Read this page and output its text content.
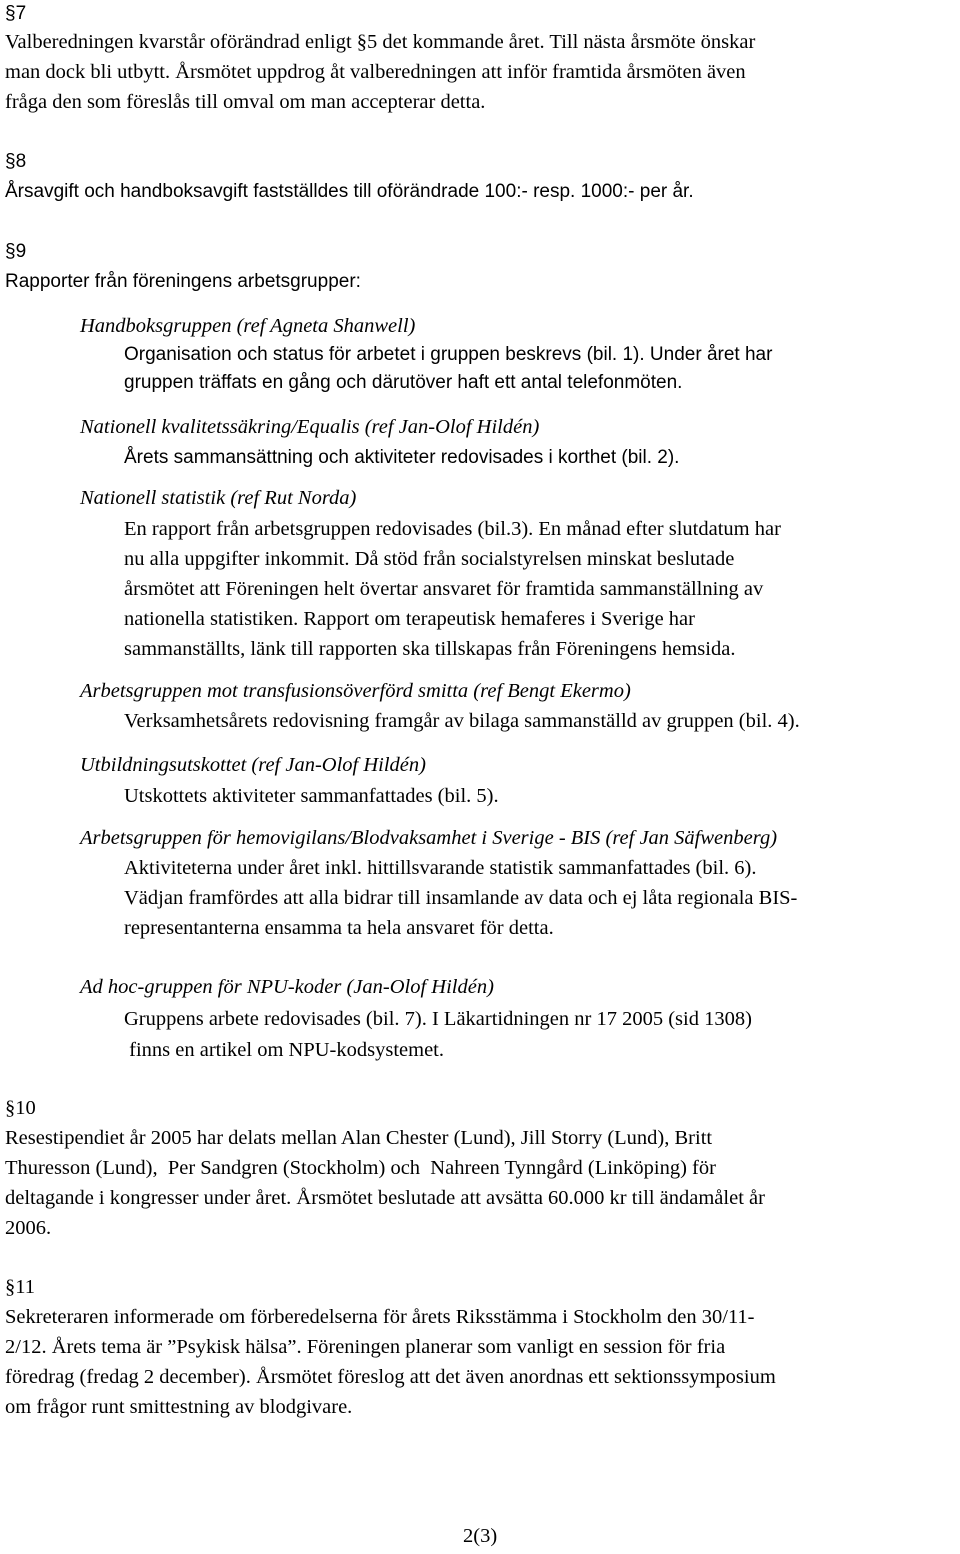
§7
Valberedningen kvarstår oförändrad enligt §5 det kommande året. Till nästa årsmöte önskar
man dock bli utbytt. Årsmötet uppdrog åt valberedningen att inför framtida årsmöten även
fråga den som föreslås till omval om man accepterar detta.
§8
Årsavgift och handboksavgift fastställdes till oförändrade 100:- resp. 1000:- per år.
§9
Rapporter från föreningens arbetsgrupper:
Handboksgruppen (ref Agneta Shanwell)
Organisation och status för arbetet i gruppen beskrevs (bil. 1). Under året har
gruppen träffats en gång och därutöver haft ett antal telefonmöten.
Nationell kvalitetssäkring/Equalis (ref Jan-Olof Hildén)
Årets sammansättning och aktiviteter redovisades i korthet (bil. 2).
Nationell statistik (ref Rut Norda)
En rapport från arbetsgruppen redovisades (bil.3). En månad efter slutdatum har
nu alla uppgifter inkommit. Då stöd från socialstyrelsen minskat beslutade
årsmötet att Föreningen helt övertar ansvaret för framtida sammanställning av
nationella statistiken. Rapport om terapeutisk hemaferes i Sverige har
sammanställts, länk till rapporten ska tillskapas från Föreningens hemsida.
Arbetsgruppen mot transfusionsöverförd smitta (ref Bengt Ekermo)
Verksamhetsårets redovisning framgår av bilaga sammanställd av gruppen (bil. 4).
Utbildningsutskottet (ref Jan-Olof Hildén)
Utskottets aktiviteter sammanfattades (bil. 5).
Arbetsgruppen för hemovigilans/Blodvaksamhet i Sverige - BIS (ref Jan Säfwenberg)
Aktiviteterna under året inkl. hittillsvarande statistik sammanfattades (bil. 6).
Vädjan framfördes att alla bidrar till insamlande av data och ej låta regionala BIS-
representanterna ensamma ta hela ansvaret för detta.
Ad hoc-gruppen för NPU-koder (Jan-Olof Hildén)
Gruppens arbete redovisades (bil. 7). I Läkartidningen nr 17 2005 (sid 1308)
finns en artikel om NPU-kodsystemet.
§10
Resestipendiet år 2005 har delats mellan Alan Chester (Lund), Jill Storry (Lund), Britt
Thuresson (Lund),  Per Sandgren (Stockholm) och  Nahreen Tynngård (Linköping) för
deltagande i kongresser under året. Årsmötet beslutade att avsätta 60.000 kr till ändamålet år
2006.
§11
Sekreteraren informerade om förberedelserna för årets Riksstämma i Stockholm den 30/11-
2/12. Årets tema är ”Psykisk hälsa”. Föreningen planerar som vanligt en session för fria
föredrag (fredag 2 december). Årsmötet föreslog att det även anordnas ett sektionssymposium
om frågor runt smittestning av blodgivare.
2(3)
